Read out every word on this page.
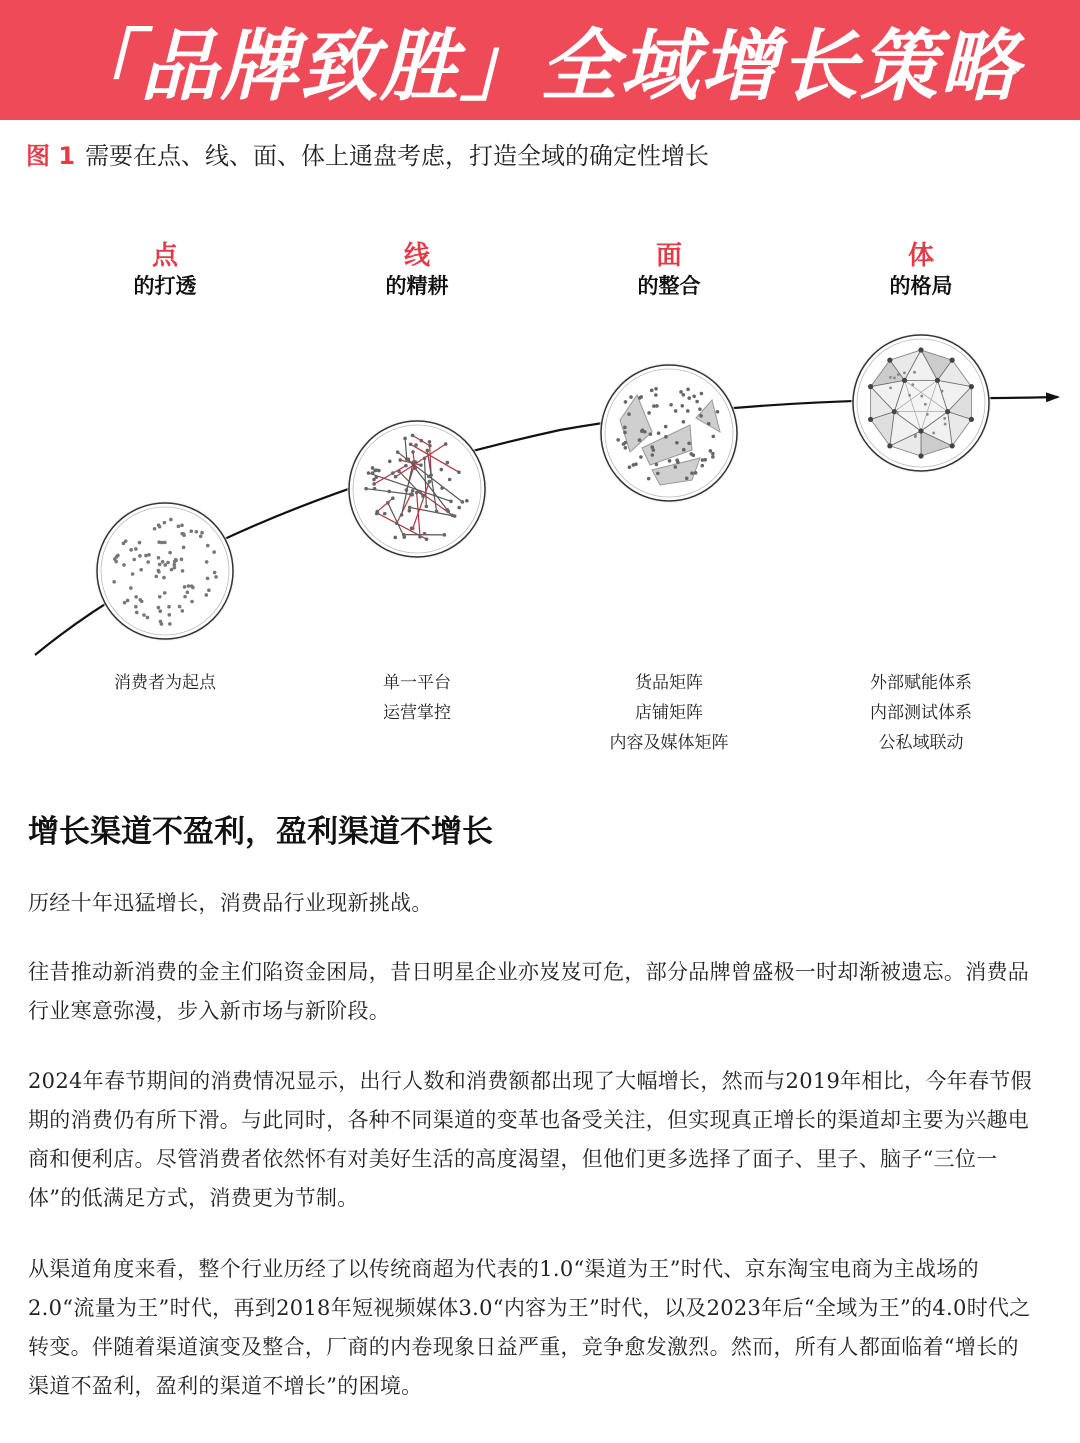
「品牌致胜」全域增长策略
图 1 需要在点、线、面、体上通盘考虑，打造全域的确定性增长
点
的打透
线
的精耕
面
的整合
体
的格局
消费者为起点	单一平台
运营掌控
货品矩阵
店铺矩阵
内容及媒体矩阵
外部赋能体系
内部测试体系
公私域联动
增长渠道不盈利，盈利渠道不增长

历经十年迅猛增长，消费品行业现新挑战。

往昔推动新消费的金主们陷资金困局，昔日明星企业亦岌岌可危，部分品牌曾盛极一时却渐被遗忘。消费品行业寒意弥漫，步入新市场与新阶段。

2024年春节期间的消费情况显示，出行人数和消费额都出现了大幅增长，然而与2019年相比，今年春节假期的消费仍有所下滑。与此同时，各种不同渠道的变革也备受关注，但实现真正增长的渠道却主要为兴趣电商和便利店。尽管消费者依然怀有对美好生活的高度渴望，但他们更多选择了面子、里子、脑子“三位一体”的低满足方式，消费更为节制。

从渠道角度来看，整个行业历经了以传统商超为代表的1.0“渠道为王”时代、京东淘宝电商为主战场的2.0“流量为王”时代，再到2018年短视频媒体3.0“内容为王”时代，以及2023年后“全域为王”的4.0时代之转变。伴随着渠道演变及整合，厂商的内卷现象日益严重，竞争愈发激烈。然而，所有人都面临着“增长的渠道不盈利，盈利的渠道不增长”的困境。
